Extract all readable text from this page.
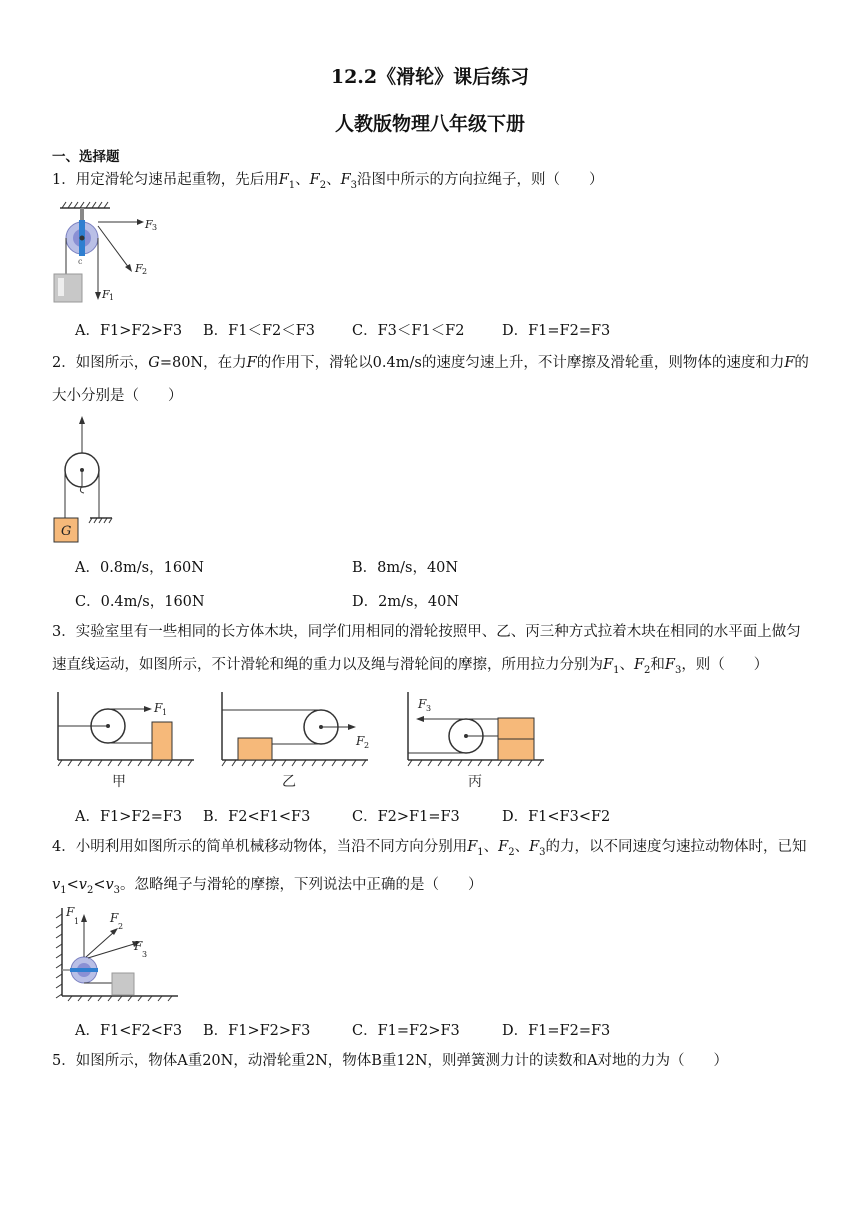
12.2《滑轮》课后练习
人教版物理八年级下册
一、选择题
1．用定滑轮匀速吊起重物，先后用$F_1$、$F_2$、$F_3$沿图中所示的方向拉绳子，则（　　）
c
F 3
F 2
F 1
A．F1>F2>F3 B．F1＜F2＜F3	C．F3＜F1＜F2	D．F1=F2=F3
2．如图所示，G=80N，在力F的作用下，滑轮以0.4m/s的速度匀速上升，不计摩擦及滑轮重，则物体的速度和力F的大小分别是（　　）
G
A．0.8m/s，160N	B．8m/s，40N
C．0.4m/s，160N	D．2m/s，40N
3．实验室里有一些相同的长方体木块，同学们用相同的滑轮按照甲、乙、丙三种方式拉着木块在相同的水平面上做匀速直线运动，如图所示，不计滑轮和绳的重力以及绳与滑轮间的摩擦，所用拉力分别为$F_1$、$F_2$和$F_3$，则（　　）
F 1
甲
F 2
乙
F 3
丙
A．F1>F2=F3 B．F2<F1<F3	C．F2>F1=F3	D．F1<F3<F2
4．小明利用如图所示的简单机械移动物体，当沿不同方向分别用$F_1$、$F_2$、$F_3$的力，以不同速度匀速拉动物体时，已知$v_1<v_2<v_3$。忽略绳子与滑轮的摩擦，下列说法中正确的是（　　）
F
1	F
2
F
3
A．F1<F2<F3 B．F1>F2>F3	C．F1=F2>F3	D．F1=F2=F3
5．如图所示，物体A重20N，动滑轮重2N，物体B重12N，则弹簧测力计的读数和A对地的力为（　　）
